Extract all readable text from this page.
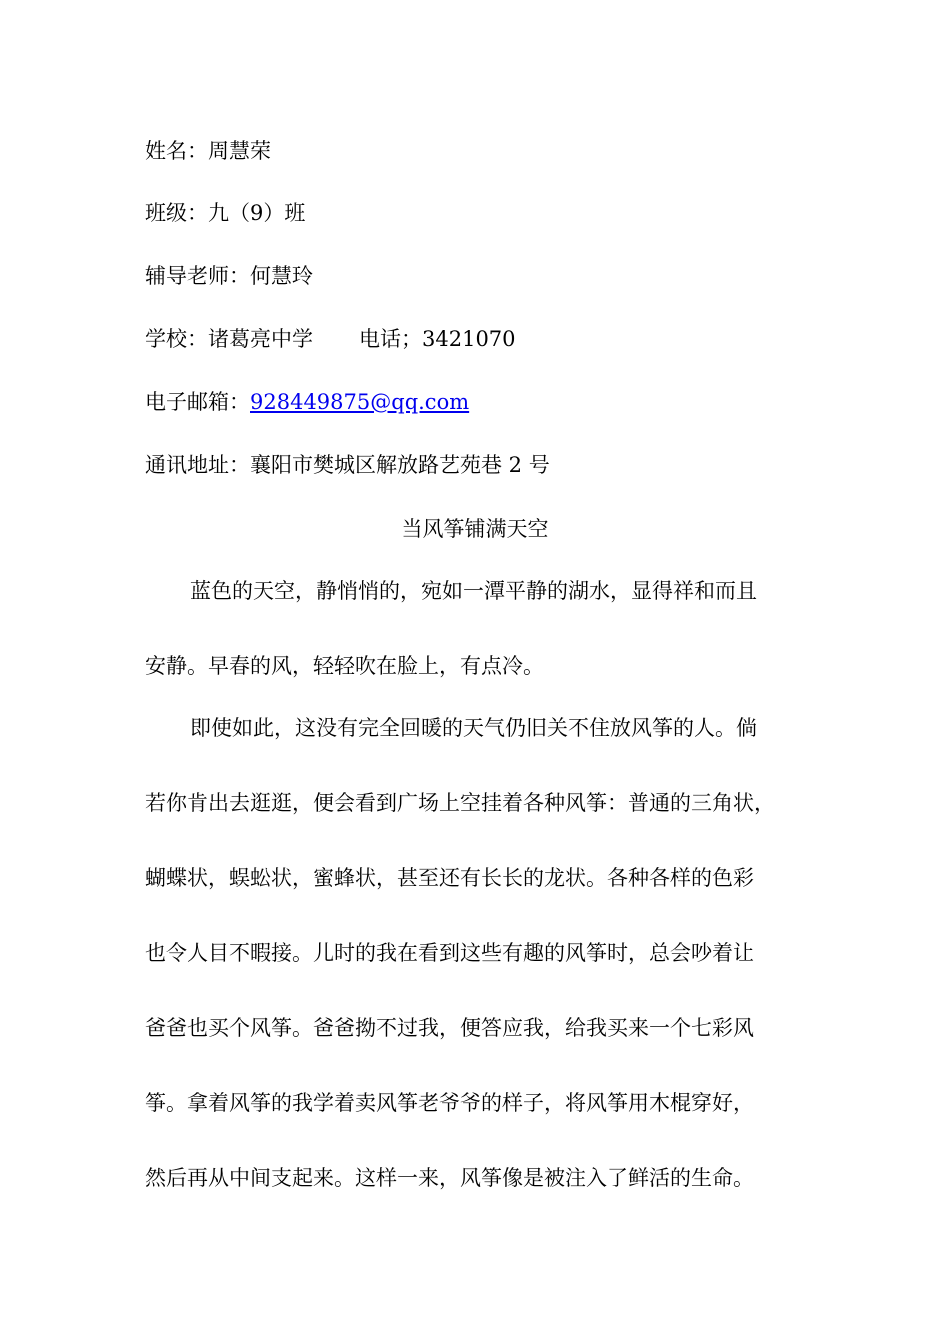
姓名：周慧荣
班级：九（9）班
辅导老师：何慧玲
学校：诸葛亮中学 电话；3421070
电子邮箱：928449875@qq.com
通讯地址：襄阳市樊城区解放路艺苑巷 2 号
当风筝铺满天空
蓝色的天空，静悄悄的，宛如一潭平静的湖水，显得祥和而且
安静。早春的风，轻轻吹在脸上，有点冷。
即使如此，这没有完全回暖的天气仍旧关不住放风筝的人。倘
若你肯出去逛逛，便会看到广场上空挂着各种风筝：普通的三角状，
蝴蝶状，蜈蚣状，蜜蜂状，甚至还有长长的龙状。各种各样的色彩
也令人目不暇接。儿时的我在看到这些有趣的风筝时，总会吵着让
爸爸也买个风筝。爸爸拗不过我，便答应我，给我买来一个七彩风
筝。拿着风筝的我学着卖风筝老爷爷的样子，将风筝用木棍穿好，
然后再从中间支起来。这样一来，风筝像是被注入了鲜活的生命。
